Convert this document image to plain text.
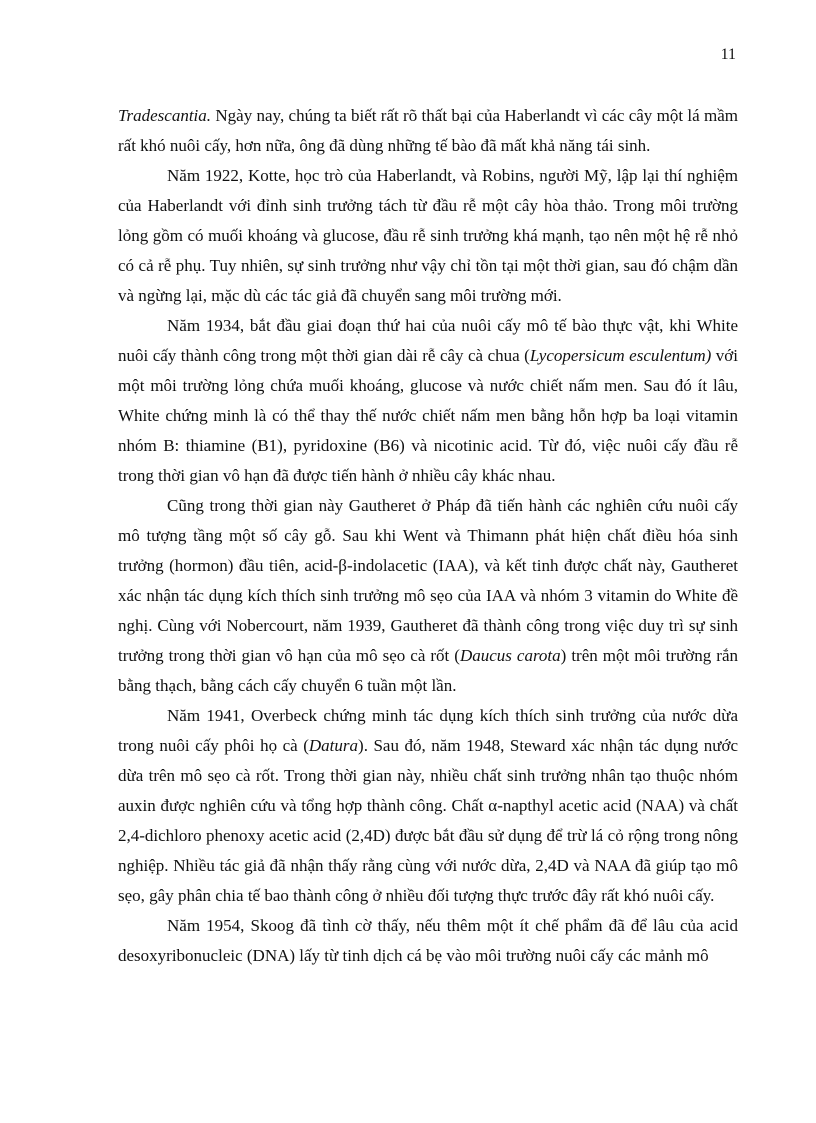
11

Tradescantia. Ngày nay, chúng ta biết rất rõ thất bại của Haberlandt vì các cây một lá mầm rất khó nuôi cấy, hơn nữa, ông đã dùng những tế bào đã mất khả năng tái sinh.

Năm 1922, Kotte, học trò của Haberlandt, và Robins, người Mỹ, lập lại thí nghiệm của Haberlandt với đỉnh sinh trưởng tách từ đầu rễ một cây hòa thảo. Trong môi trường lỏng gồm có muối khoáng và glucose, đầu rễ sinh trưởng khá mạnh, tạo nên một hệ rễ nhỏ có cả rễ phụ. Tuy nhiên, sự sinh trưởng như vậy chỉ tồn tại một thời gian, sau đó chậm dần và ngừng lại, mặc dù các tác giả đã chuyển sang môi trường mới.

Năm 1934, bắt đầu giai đoạn thứ hai của nuôi cấy mô tế bào thực vật, khi White nuôi cấy thành công trong một thời gian dài rễ cây cà chua (Lycopersicum esculentum) với một môi trường lỏng chứa muối khoáng, glucose và nước chiết nấm men. Sau đó ít lâu, White chứng minh là có thể thay thế nước chiết nấm men bằng hỗn hợp ba loại vitamin nhóm B: thiamine (B1), pyridoxine (B6) và nicotinic acid. Từ đó, việc nuôi cấy đầu rễ trong thời gian vô hạn đã được tiến hành ở nhiều cây khác nhau.

Cũng trong thời gian này Gautheret ở Pháp đã tiến hành các nghiên cứu nuôi cấy mô tượng tầng một số cây gỗ. Sau khi Went và Thimann phát hiện chất điều hóa sinh trưởng (hormon) đầu tiên, acid-β-indolacetic (IAA), và kết tinh được chất này, Gautheret xác nhận tác dụng kích thích sinh trưởng mô sẹo của IAA và nhóm 3 vitamin do White đề nghị. Cùng với Nobercourt, năm 1939, Gautheret đã thành công trong việc duy trì sự sinh trưởng trong thời gian vô hạn của mô sẹo cà rốt (Daucus carota) trên một môi trường rắn bằng thạch, bằng cách cấy chuyển 6 tuần một lần.

Năm 1941, Overbeck chứng minh tác dụng kích thích sinh trưởng của nước dừa trong nuôi cấy phôi họ cà (Datura). Sau đó, năm 1948, Steward xác nhận tác dụng nước dừa trên mô sẹo cà rốt. Trong thời gian này, nhiều chất sinh trưởng nhân tạo thuộc nhóm auxin được nghiên cứu và tổng hợp thành công. Chất α-napthyl acetic acid (NAA) và chất 2,4-dichloro phenoxy acetic acid (2,4D) được bắt đầu sử dụng để trừ lá cỏ rộng trong nông nghiệp. Nhiều tác giả đã nhận thấy rằng cùng với nước dừa, 2,4D và NAA đã giúp tạo mô sẹo, gây phân chia tế bao thành công ở nhiều đối tượng thực trước đây rất khó nuôi cấy.

Năm 1954, Skoog đã tình cờ thấy, nếu thêm một ít chế phẩm đã để lâu của acid desoxyribonucleic (DNA) lấy từ tinh dịch cá bẹ vào môi trường nuôi cấy các mảnh mô
